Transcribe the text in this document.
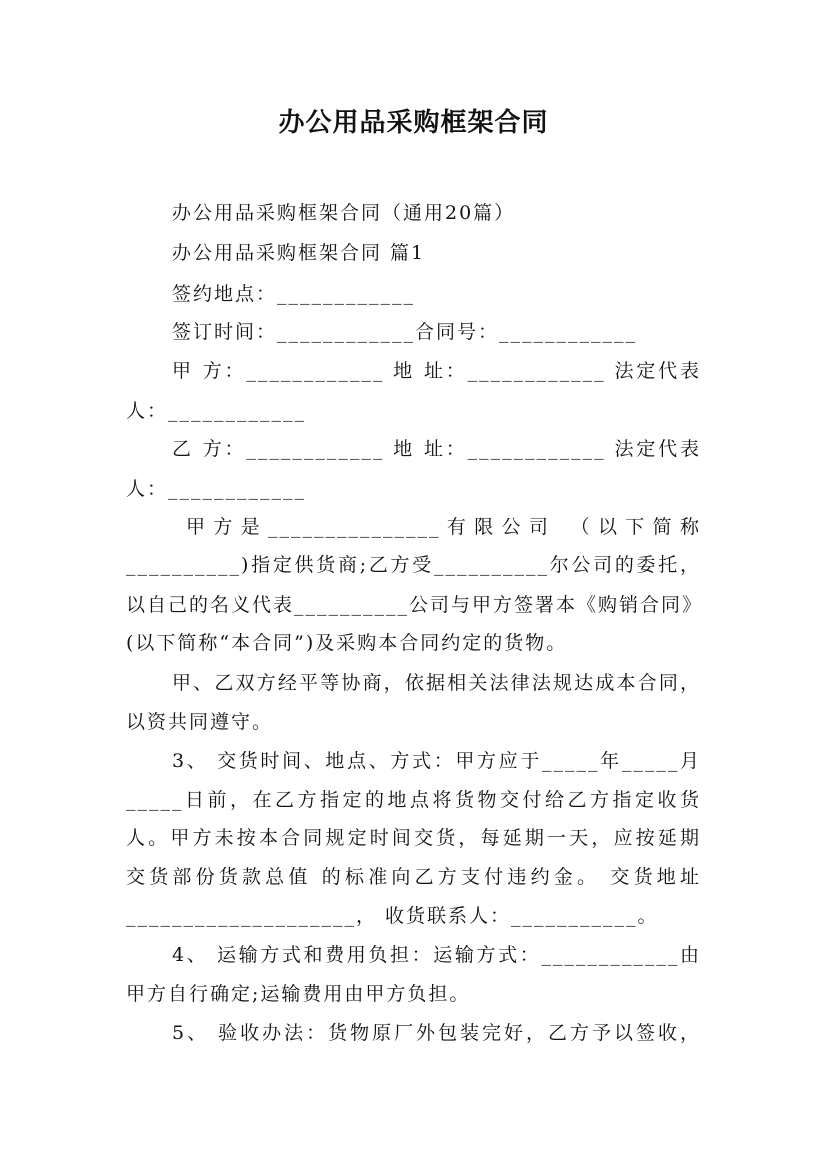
办公用品采购框架合同
办公用品采购框架合同（通用20篇）
办公用品采购框架合同 篇1
签约地点：____________
签订时间：____________合同号：____________
甲 方：____________ 地 址：____________ 法定代表
人：____________
乙 方：____________ 地 址：____________ 法定代表
人：____________
甲方是_______________有限公司 （以下简称
__________)指定供货商;乙方受__________尔公司的委托，
以自己的名义代表__________公司与甲方签署本《购销合同》
(以下简称“本合同”)及采购本合同约定的货物。
甲、乙双方经平等协商，依据相关法律法规达成本合同，
以资共同遵守。
3、 交货时间、地点、方式：甲方应于_____年_____月
_____日前，在乙方指定的地点将货物交付给乙方指定收货
人。甲方未按本合同规定时间交货，每延期一天，应按延期
交货部份货款总值 的标准向乙方支付违约金。 交货地址
____________________， 收货联系人：___________。
4、 运输方式和费用负担：运输方式：____________由
甲方自行确定;运输费用由甲方负担。
5、 验收办法：货物原厂外包装完好，乙方予以签收，
